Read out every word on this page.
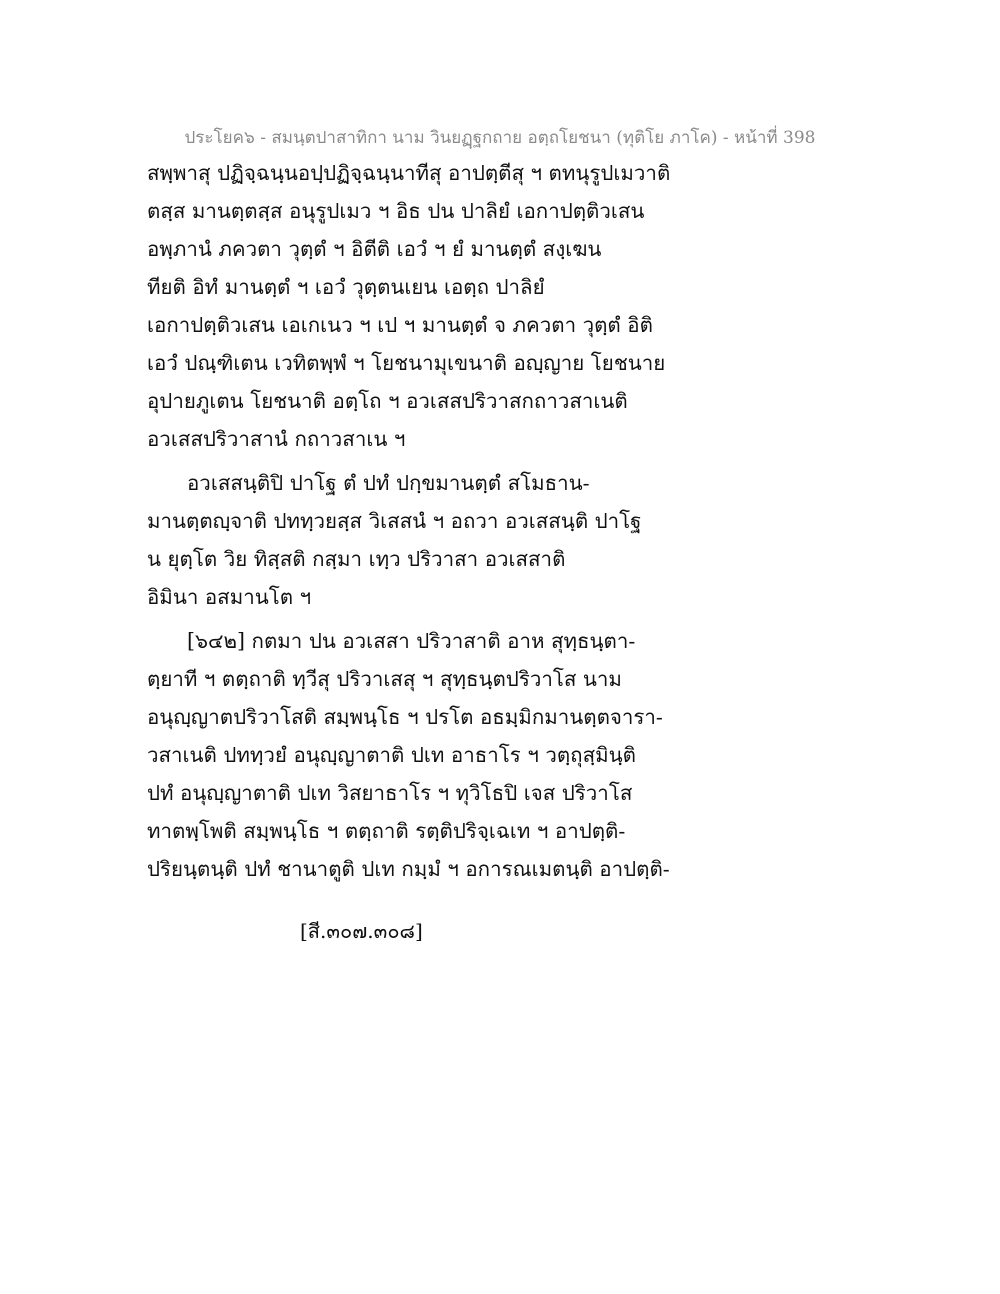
ประโยค๖ - สมนฺตปาสาทิกา นาม วินยฏฺฐกถาย อตฺถโยชนา (ทุติโย ภาโค) - หน้าที่ 398
สพฺพาสุ ปฏิจฺฉนฺนอปฺปฏิจฺฉนฺนาทีสุ อาปตฺตีสุ ฯ ตทนุรูปเมวาติ
ตสฺส มานตฺตสฺส อนุรูปเมว ฯ อิธ ปน ปาลิยํ เอกาปตฺติวเสน
อพฺภานํ ภควตา วุตฺตํ ฯ อิตีติ เอวํ ฯ ยํ มานตฺตํ สงฺเฆน
ทียติ อิทํ มานตฺตํ ฯ เอวํ วุตฺตนเยน เอตฺถ ปาลิยํ
เอกาปตฺติวเสน เอเกเนว ฯ เป ฯ มานตฺตํ จ ภควตา วุตฺตํ อิติ
เอวํ ปณฺฑิเตน เวทิตพฺพํ ฯ โยชนามุเขนาติ อญฺญาย โยชนาย
อุปายภูเตน โยชนาติ อตฺโถ ฯ อวเสสปริวาสกถาวสาเนติ
อวเสสปริวาสานํ กถาวสาเน ฯ
อวเสสนฺติปิ ปาโฐ ตํ ปทํ ปกฺขมานตฺตํ สโมธาน-
มานตฺตญฺจาติ ปททฺวยสฺส วิเสสนํ ฯ อถวา อวเสสนฺติ ปาโฐ
น ยุตฺโต วิย ทิสฺสติ กสฺมา เทฺว ปริวาสา อวเสสาติ
อิมินา อสมานโต ฯ
[๖๔๒] กตมา ปน อวเสสา ปริวาสาติ อาห สุทฺธนฺตา-
ตฺยาที ฯ ตตฺถาติ ทฺวีสุ ปริวาเสสุ ฯ สุทฺธนฺตปริวาโส นาม
อนุญฺญาตปริวาโสติ สมฺพนฺโธ ฯ ปรโต อธมฺมิกมานตฺตจารา-
วสาเนติ ปททฺวยํ อนุญฺญาตาติ ปเท อาธาโร ฯ วตฺถุสฺมินฺติ
ปทํ อนุญฺญาตาติ ปเท วิสยาธาโร ฯ ทุวิโธปิ เจส ปริวาโส
ทาตพฺโพติ สมฺพนฺโธ ฯ ตตฺถาติ รตฺติปริจฺเฉเท ฯ อาปตฺติ-
ปริยนฺตนฺติ ปทํ ชานาตูติ ปเท กมฺมํ ฯ อการณเมตนฺติ อาปตฺติ-
[สี.๓๐๗.๓๐๘]
